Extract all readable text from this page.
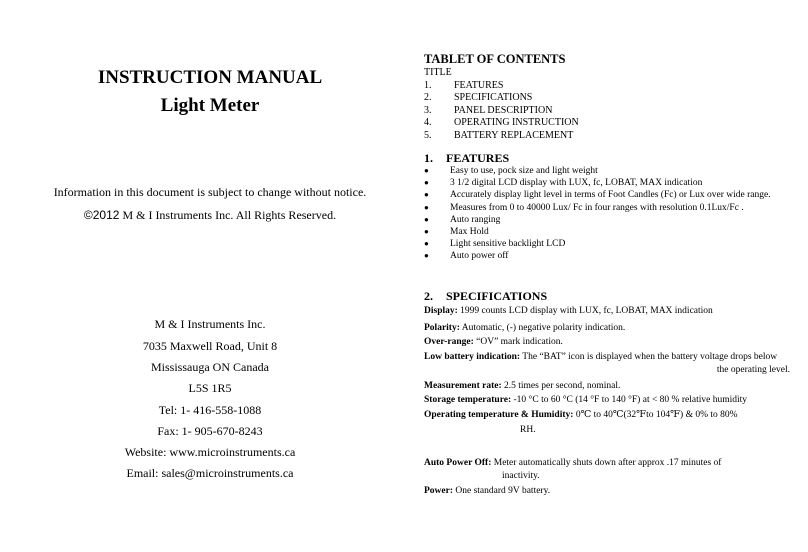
INSTRUCTION MANUAL
Light Meter
Information in this document is subject to change without notice.
©2012 M & I Instruments Inc. All Rights Reserved.
M & I Instruments Inc.
7035 Maxwell Road, Unit 8
Mississauga ON Canada
L5S 1R5
Tel: 1- 416-558-1088
Fax: 1- 905-670-8243
Website: www.microinstruments.ca
Email: sales@microinstruments.ca
TABLET OF CONTENTS
TITLE
1.	FEATURES
2.	SPECIFICATIONS
3.	PANEL DESCRIPTION
4.	OPERATING INSTRUCTION
5.	BATTERY REPLACEMENT
1. FEATURES
●	Easy to use, pock size and light weight
●	3 1/2 digital LCD display with LUX, fc, LOBAT, MAX indication
●	Accurately display light level in terms of Foot Candles (Fc) or Lux over wide range.
●	Measures from 0 to 40000 Lux/ Fc in four ranges with resolution 0.1Lux/Fc .
●	Auto ranging
●	Max Hold
●	Light sensitive backlight LCD
●	Auto power off
2. SPECIFICATIONS
Display: 1999 counts LCD display with LUX, fc, LOBAT, MAX indication
Polarity: Automatic, (-) negative polarity indication.
Over-range: “OV” mark indication.
Low battery indication: The “BAT” icon is displayed when the battery voltage drops below
the operating level.
Measurement rate: 2.5 times per second, nominal.
Storage temperature: -10 °C to 60 °C (14 °F to 140 °F) at < 80 % relative humidity
Operating temperature & Humidity: 0℃ to 40℃(32℉to 104℉) & 0% to 80%
RH.
Auto Power Off: Meter automatically shuts down after approx .17 minutes of
inactivity.
Power: One standard 9V battery.
